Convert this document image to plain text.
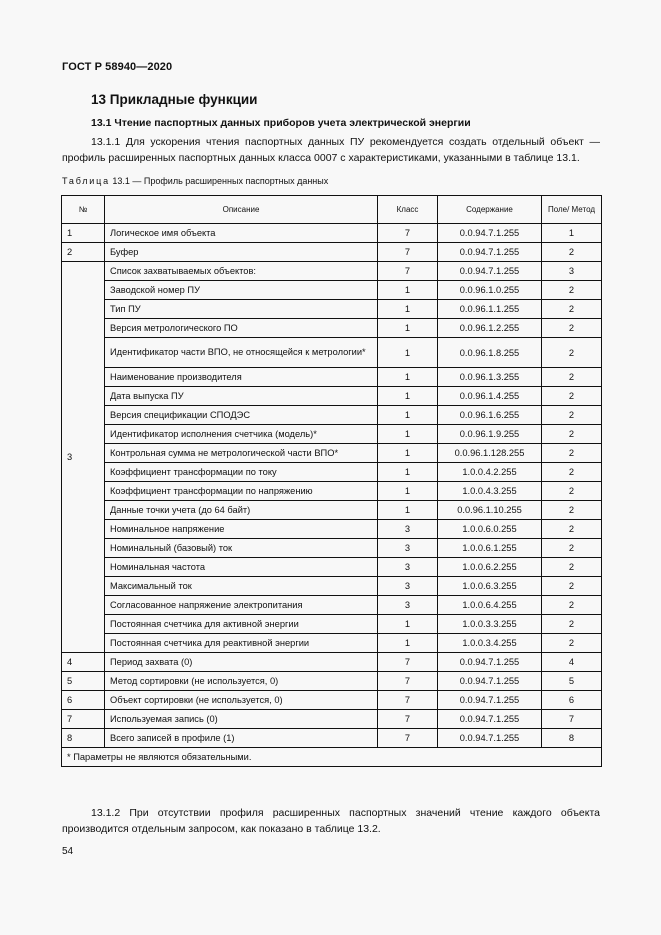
ГОСТ Р 58940—2020
13 Прикладные функции
13.1 Чтение паспортных данных приборов учета электрической энергии
13.1.1 Для ускорения чтения паспортных данных ПУ рекомендуется создать отдельный объект — профиль расширенных паспортных данных класса 0007 с характеристиками, указанными в таблице 13.1.
Таблица 13.1 — Профиль расширенных паспортных данных
№	Описание	Класс	Содержание	Поле/ Метод
1	Логическое имя объекта	7	0.0.94.7.1.255	1
2	Буфер	7	0.0.94.7.1.255	2
3	Список захватываемых объектов:	7	0.0.94.7.1.255	3
	Заводской номер ПУ	1	0.0.96.1.0.255	2
	Тип ПУ	1	0.0.96.1.1.255	2
	Версия метрологического ПО	1	0.0.96.1.2.255	2
	Идентификатор части ВПО, не относящейся к метрологии*	1	0.0.96.1.8.255	2
	Наименование производителя	1	0.0.96.1.3.255	2
	Дата выпуска ПУ	1	0.0.96.1.4.255	2
	Версия спецификации СПОДЭС	1	0.0.96.1.6.255	2
	Идентификатор исполнения счетчика (модель)*	1	0.0.96.1.9.255	2
	Контрольная сумма не метрологической части ВПО*	1	0.0.96.1.128.255	2
	Коэффициент трансформации по току	1	1.0.0.4.2.255	2
	Коэффициент трансформации по напряжению	1	1.0.0.4.3.255	2
	Данные точки учета (до 64 байт)	1	0.0.96.1.10.255	2
	Номинальное напряжение	3	1.0.0.6.0.255	2
	Номинальный (базовый) ток	3	1.0.0.6.1.255	2
	Номинальная частота	3	1.0.0.6.2.255	2
	Максимальный ток	3	1.0.0.6.3.255	2
	Согласованное напряжение электропитания	3	1.0.0.6.4.255	2
	Постоянная счетчика для активной энергии	1	1.0.0.3.3.255	2
	Постоянная счетчика для реактивной энергии	1	1.0.0.3.4.255	2
4	Период захвата (0)	7	0.0.94.7.1.255	4
5	Метод сортировки (не используется, 0)	7	0.0.94.7.1.255	5
6	Объект сортировки (не используется, 0)	7	0.0.94.7.1.255	6
7	Используемая запись (0)	7	0.0.94.7.1.255	7
8	Всего записей в профиле (1)	7	0.0.94.7.1.255	8
* Параметры не являются обязательными.				
13.1.2 При отсутствии профиля расширенных паспортных значений чтение каждого объекта производится отдельным запросом, как показано в таблице 13.2.
54
